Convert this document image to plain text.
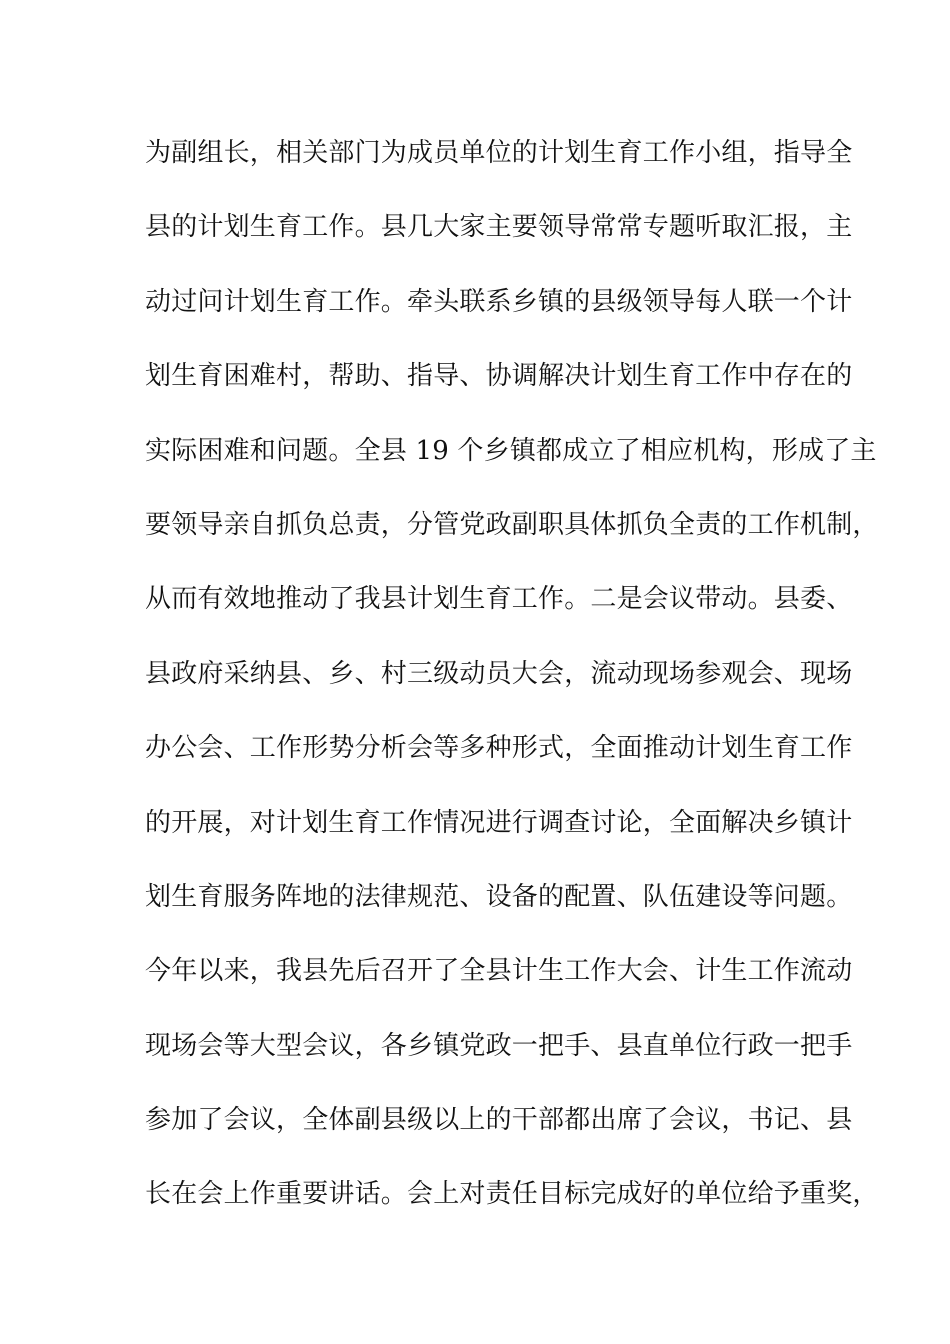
为副组长，相关部门为成员单位的计划生育工作小组，指导全
县的计划生育工作。县几大家主要领导常常专题听取汇报，主
动过问计划生育工作。牵头联系乡镇的县级领导每人联一个计
划生育困难村，帮助、指导、协调解决计划生育工作中存在的
实际困难和问题。全县 19 个乡镇都成立了相应机构，形成了主
要领导亲自抓负总责，分管党政副职具体抓负全责的工作机制，
从而有效地推动了我县计划生育工作。二是会议带动。县委、
县政府采纳县、乡、村三级动员大会，流动现场参观会、现场
办公会、工作形势分析会等多种形式，全面推动计划生育工作
的开展，对计划生育工作情况进行调查讨论，全面解决乡镇计
划生育服务阵地的法律规范、设备的配置、队伍建设等问题。
今年以来，我县先后召开了全县计生工作大会、计生工作流动
现场会等大型会议，各乡镇党政一把手、县直单位行政一把手
参加了会议，全体副县级以上的干部都出席了会议，书记、县
长在会上作重要讲话。会上对责任目标完成好的单位给予重奖，
